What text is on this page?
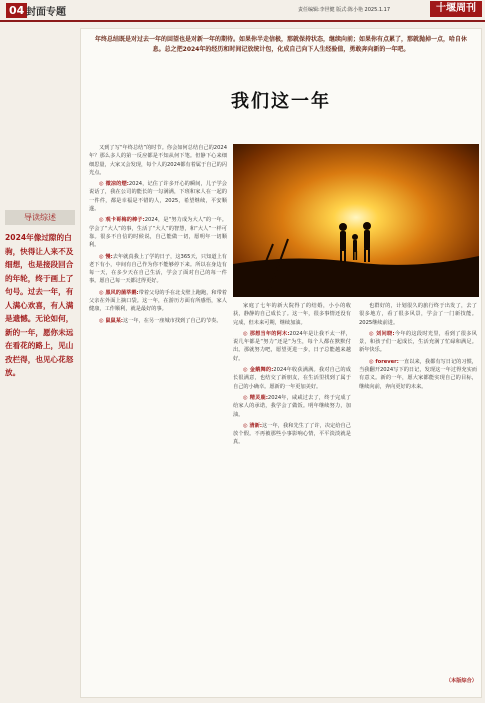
04 封面专题	责任编辑:李世健 版式:陈小艳 2025.1.17	十堰周刊
导读综述
2024年像过隙的白驹，快得让人来不及细想，也是接段回合的年轮，终于画上了句号。过去一年，有人满心欢喜，有人满是遗憾。无论如何，新的一年，愿你未远在看花的路上，见山孜栏得，也见心花怒放。
年终总结既是对过去一年的回望也是对新一年的期待。如果你半走信极，那就保持状态，继续向前；如果你有点累了，那就抛掉一点，哈自休息。总之把2024年的经历和时间记放统计包，化成自己向下人生经验值，勇敢奔向新的一年吧。
我们这一年

又到了写“年终总结”的时节。你会如何总结自己的2024年？那么多人的第一反应都是不知从何下笔。但静下心来细细思量，大家又会发现，每个人的2024都有着属于自己的闪光点。

◎ 微凉的煙:2024，记住了许多开心的瞬间，儿子学会说话了，我在公司的能长的一勾满满，下班和家人在一起的一件件，都是幸福是不错的人，2025，希望继续，平安顺遂。

◎ 观卡哥梅的棒子:2024，是“努力成为大人”的一年。学会了“大人”的事，生活了“大人”的智慧，和“大人”一样可靠。很多不自信的时候说，自己能做一切，愿明年一切顺利。

◎ 慢:去年就真我上了学的日子，这365天，只知道上有老下有小，中间有自己作为你不能够停下来。所以在身边有每一天，在多少天在自己生活，学会了面对自己的每一件事。愿自己每一天都过得更好。

◎ 黑风的菌萃鹅:带着父母的手在北戈壁上跑跑，和带着父亲在外面上摘口袋。这一年，在游历方面有所感悟，家人健康，工作顺利，就是最好的事。

◎ 鼠鼠某:这一年，在另一座城市找到了自己的节奏。

家庭了七年的新大院得了的结婚，小小的收获，静静的自己成长了。这一年，很多事情还没有完成，但未来可期，继续加油。

◎ 那想当年的阿木:2024年是让我不太一样，说几年都是“努力”还是“为生，每个人都在默默付出。那就努力吧，愿望更进一步，日子总能越来越好。

◎ 金鹅舞的:2024年收获满满。我对自己的成长很满意，也结交了新朋友，在生活里找到了属于自己的小确幸。愿新的一年更加美好。

◎ 精灵鹿:2024年，咸咸过去了，终于完成了给家人的承诺，我学会了做饭。明年继续努力，加油。

◎ 清新:这一年，我和先生了了许，决定给自己放个假。不再被那些小事影响心情，平平淡淡就是真。

也群好的，计划很久的旅行终于出发了，去了很多地方，看了很多风景，学会了一门新技能。2025继续前进。

◎ 刘问晓:今年的这段时光里，看到了很多风景，和孩子们一起成长，生活充满了忙碌和满足。新年快乐。

◎ forever:一直以来，我都有写日记的习惯，当我翻开2024写下的日记，发现这一年过得充实而有意义。新的一年，愿大家都能实现自己的目标，继续向前，奔向更好的未来。

（本版综合）
